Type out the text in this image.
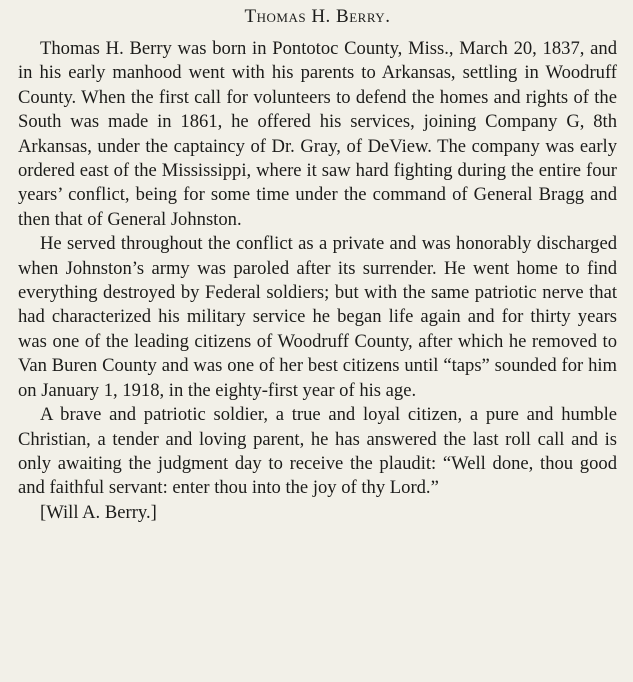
Thomas H. Berry.

Thomas H. Berry was born in Pontotoc County, Miss., March 20, 1837, and in his early manhood went with his parents to Arkansas, settling in Woodruff County. When the first call for volunteers to defend the homes and rights of the South was made in 1861, he offered his services, joining Company G, 8th Arkansas, under the captaincy of Dr. Gray, of DeView. The company was early ordered east of the Mississippi, where it saw hard fighting during the entire four years’ conflict, being for some time under the command of General Bragg and then that of General Johnston.

He served throughout the conflict as a private and was honorably discharged when Johnston’s army was paroled after its surrender. He went home to find everything destroyed by Federal soldiers; but with the same patriotic nerve that had characterized his military service he began life again and for thirty years was one of the leading citizens of Woodruff County, after which he removed to Van Buren County and was one of her best citizens until “taps” sounded for him on January 1, 1918, in the eighty-first year of his age.

A brave and patriotic soldier, a true and loyal citizen, a pure and humble Christian, a tender and loving parent, he has answered the last roll call and is only awaiting the judgment day to receive the plaudit: “Well done, thou good and faithful servant: enter thou into the joy of thy Lord.”

[Will A. Berry.]
